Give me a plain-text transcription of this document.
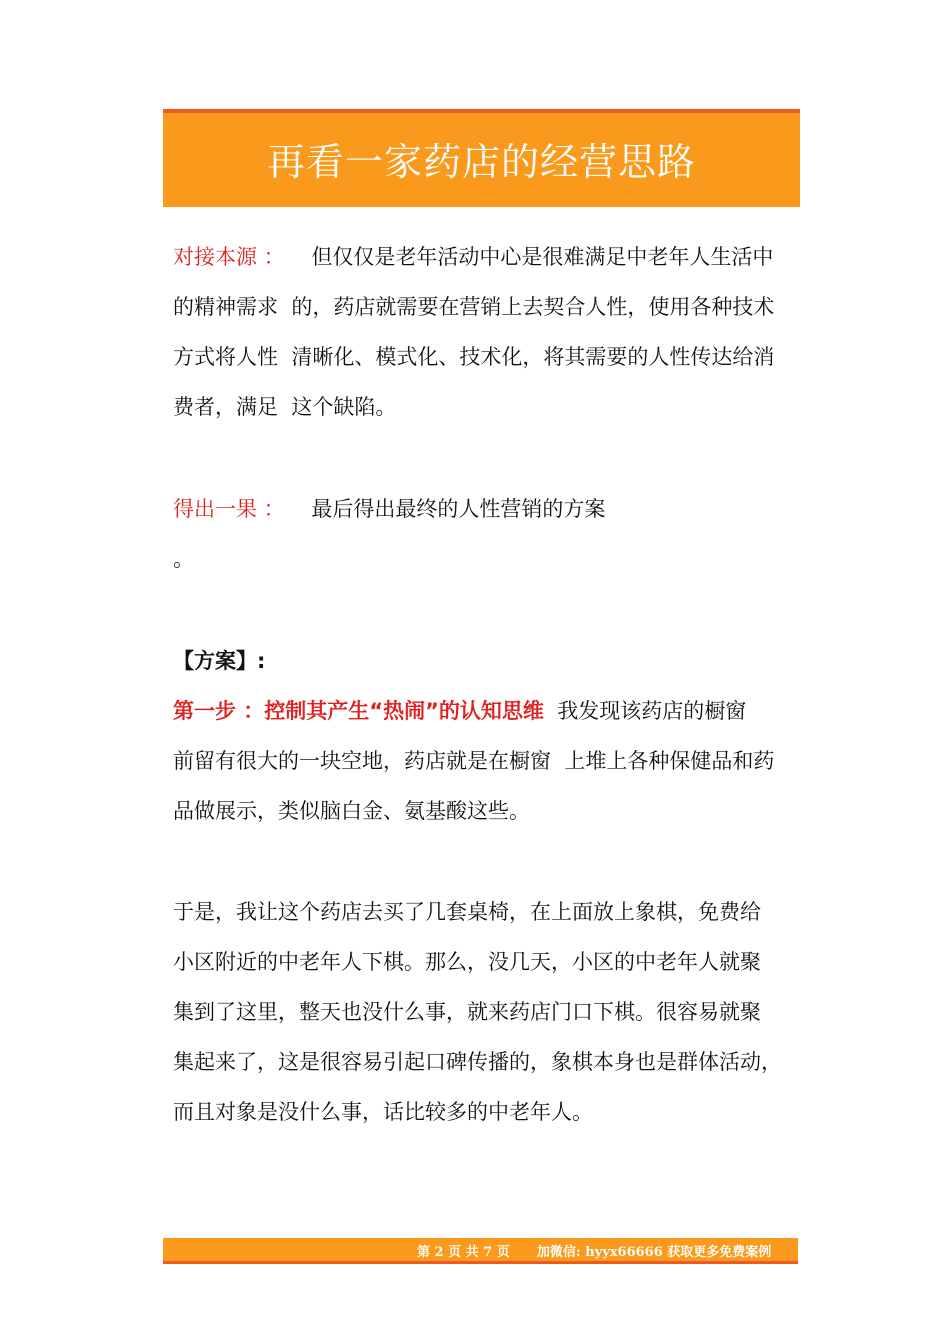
再看一家药店的经营思路
对接本源 ： 但仅仅是老年活动中心是很难满足中老年人生活中
的精神需求  的，药店就需要在营销上去契合人性，使用各种技术
方式将人性  清晰化、模式化、技术化，将其需要的人性传达给消
费者，满足  这个缺陷。
得出一果 ： 最后得出最终的人性营销的方案
。
【方案】:
第一步 ：控制其产生“热闹”的认知思维 我发现该药店的橱窗
前留有很大的一块空地，药店就是在橱窗  上堆上各种保健品和药
品做展示，类似脑白金、氨基酸这些。
于是，我让这个药店去买了几套桌椅，在上面放上象棋，免费给
小区附近的中老年人下棋。那么，没几天，小区的中老年人就聚
集到了这里，整天也没什么事，就来药店门口下棋。很容易就聚
集起来了，这是很容易引起口碑传播的，象棋本身也是群体活动，
而且对象是没什么事，话比较多的中老年人。
第 2 页 共 7 页 加微信: hyyx66666 获取更多免费案例
